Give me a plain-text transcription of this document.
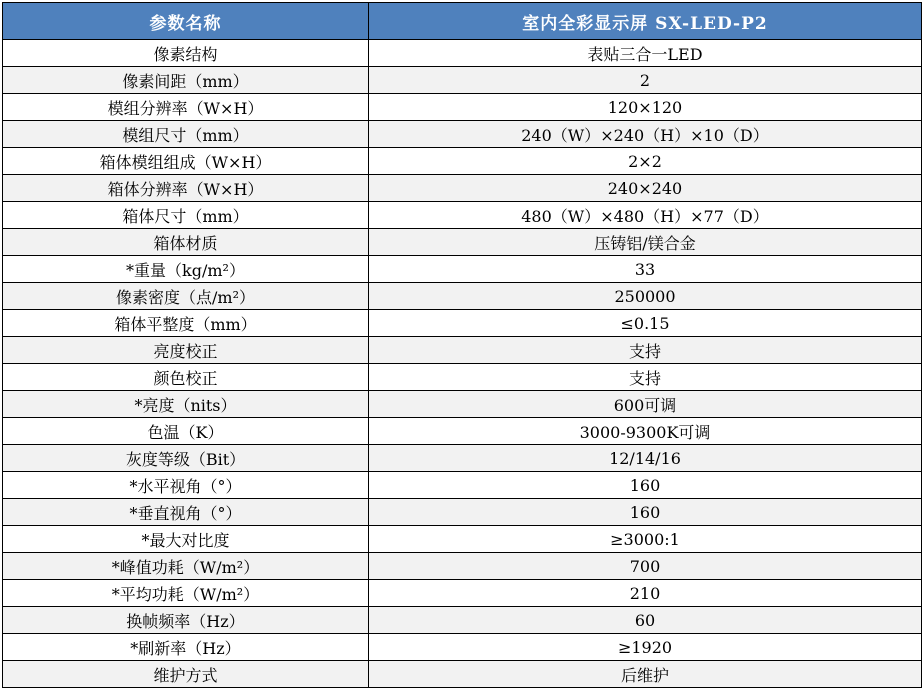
参数名称	室内全彩显示屏 SX-LED-P2
像素结构	表贴三合一LED
像素间距（mm）	2
模组分辨率（W×H）	120×120
模组尺寸（mm）	240（W）×240（H）×10（D）
箱体模组组成（W×H）	2×2
箱体分辨率（W×H）	240×240
箱体尺寸（mm）	480（W）×480（H）×77（D）
箱体材质	压铸铝/镁合金
*重量（kg/m²）	33
像素密度（点/m²）	250000
箱体平整度（mm）	≤0.15
亮度校正	支持
颜色校正	支持
*亮度（nits）	600可调
色温（K）	3000-9300K可调
灰度等级（Bit）	12/14/16
*水平视角（°）	160
*垂直视角（°）	160
*最大对比度	≥3000:1
*峰值功耗（W/m²）	700
*平均功耗（W/m²）	210
换帧频率（Hz）	60
*刷新率（Hz）	≥1920
维护方式	后维护
